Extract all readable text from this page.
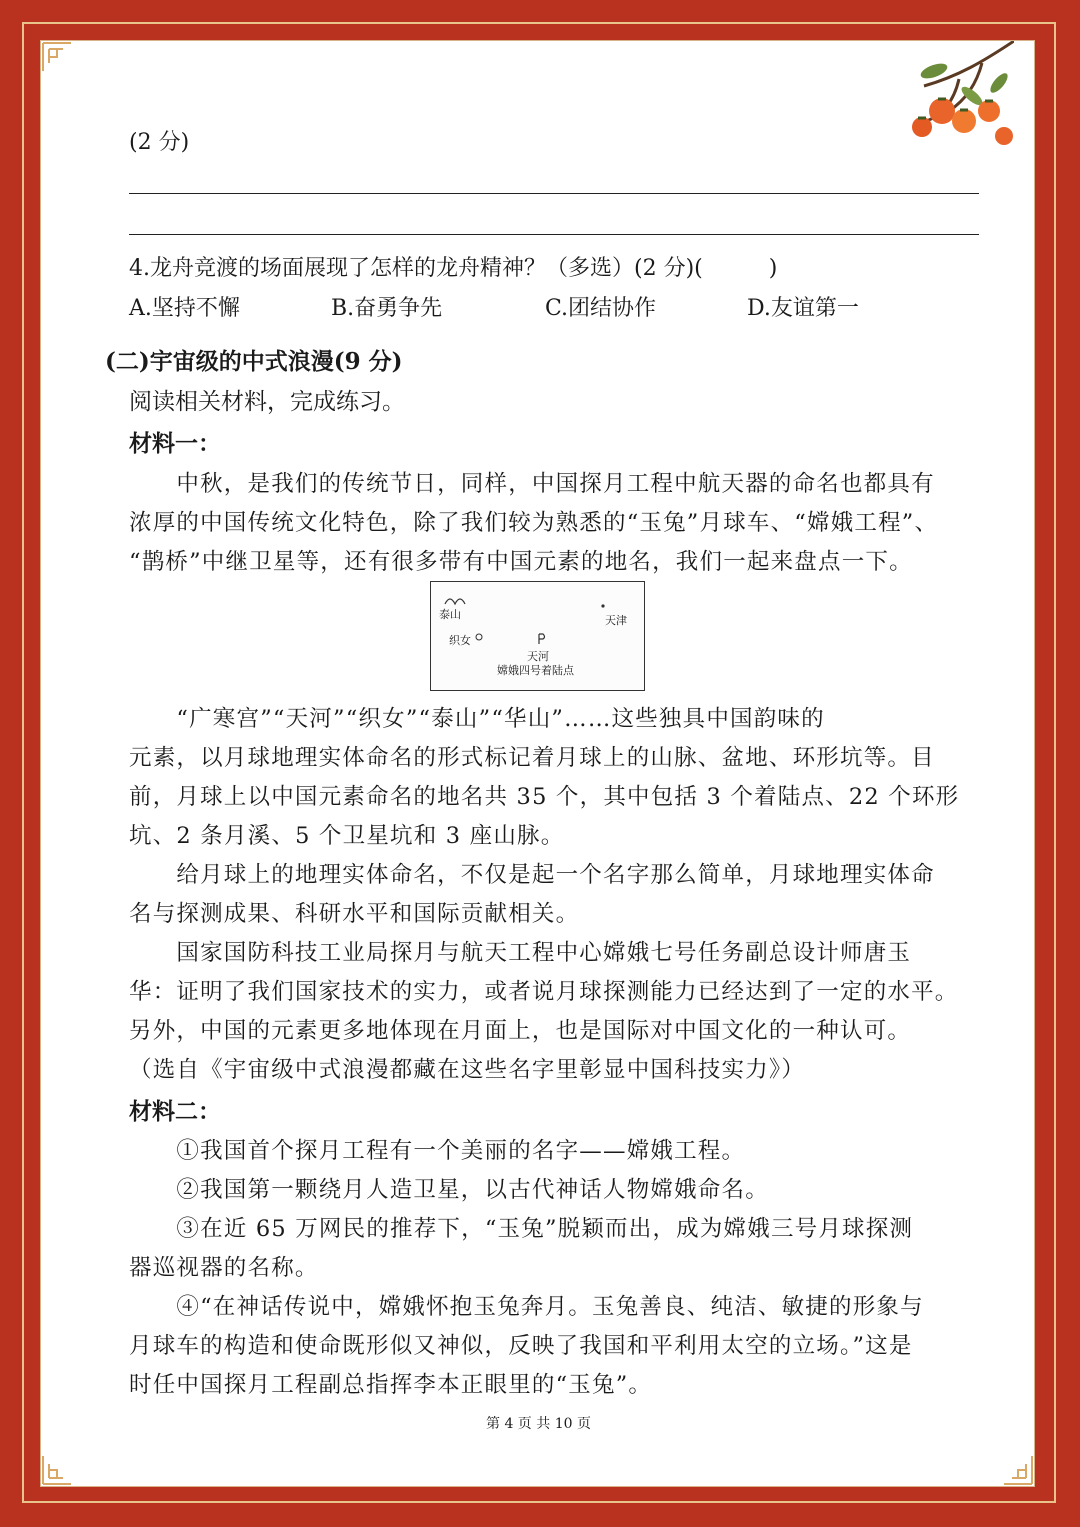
(2 分)
4.龙舟竞渡的场面展现了怎样的龙舟精神？（多选）(2 分)(　　　)
A.坚持不懈	B.奋勇争先	C.团结协作	D.友谊第一
(二)宇宙级的中式浪漫(9 分)
阅读相关材料，完成练习。
材料一：
　　中秋，是我们的传统节日，同样，中国探月工程中航天器的命名也都具有
浓厚的中国传统文化特色，除了我们较为熟悉的“玉兔”月球车、“嫦娥工程”、
“鹊桥”中继卫星等，还有很多带有中国元素的地名，我们一起来盘点一下。
泰山	天津
织女
天河
嫦娥四号着陆点
　　“广寒宫”“天河”“织女”“泰山”“华山”……这些独具中国韵味的
元素，以月球地理实体命名的形式标记着月球上的山脉、盆地、环形坑等。目
前，月球上以中国元素命名的地名共 35 个，其中包括 3 个着陆点、22 个环形
坑、2 条月溪、5 个卫星坑和 3 座山脉。
　　给月球上的地理实体命名，不仅是起一个名字那么简单，月球地理实体命
名与探测成果、科研水平和国际贡献相关。
　　国家国防科技工业局探月与航天工程中心嫦娥七号任务副总设计师唐玉
华：证明了我们国家技术的实力，或者说月球探测能力已经达到了一定的水平。
另外，中国的元素更多地体现在月面上，也是国际对中国文化的一种认可。
（选自《宇宙级中式浪漫都藏在这些名字里彰显中国科技实力》）
材料二：
　　①我国首个探月工程有一个美丽的名字——嫦娥工程。
　　②我国第一颗绕月人造卫星，以古代神话人物嫦娥命名。
　　③在近 65 万网民的推荐下，“玉兔”脱颖而出，成为嫦娥三号月球探测
器巡视器的名称。
　　④“在神话传说中，嫦娥怀抱玉兔奔月。玉兔善良、纯洁、敏捷的形象与
月球车的构造和使命既形似又神似，反映了我国和平利用太空的立场。”这是
时任中国探月工程副总指挥李本正眼里的“玉兔”。
第 4 页 共 10 页
